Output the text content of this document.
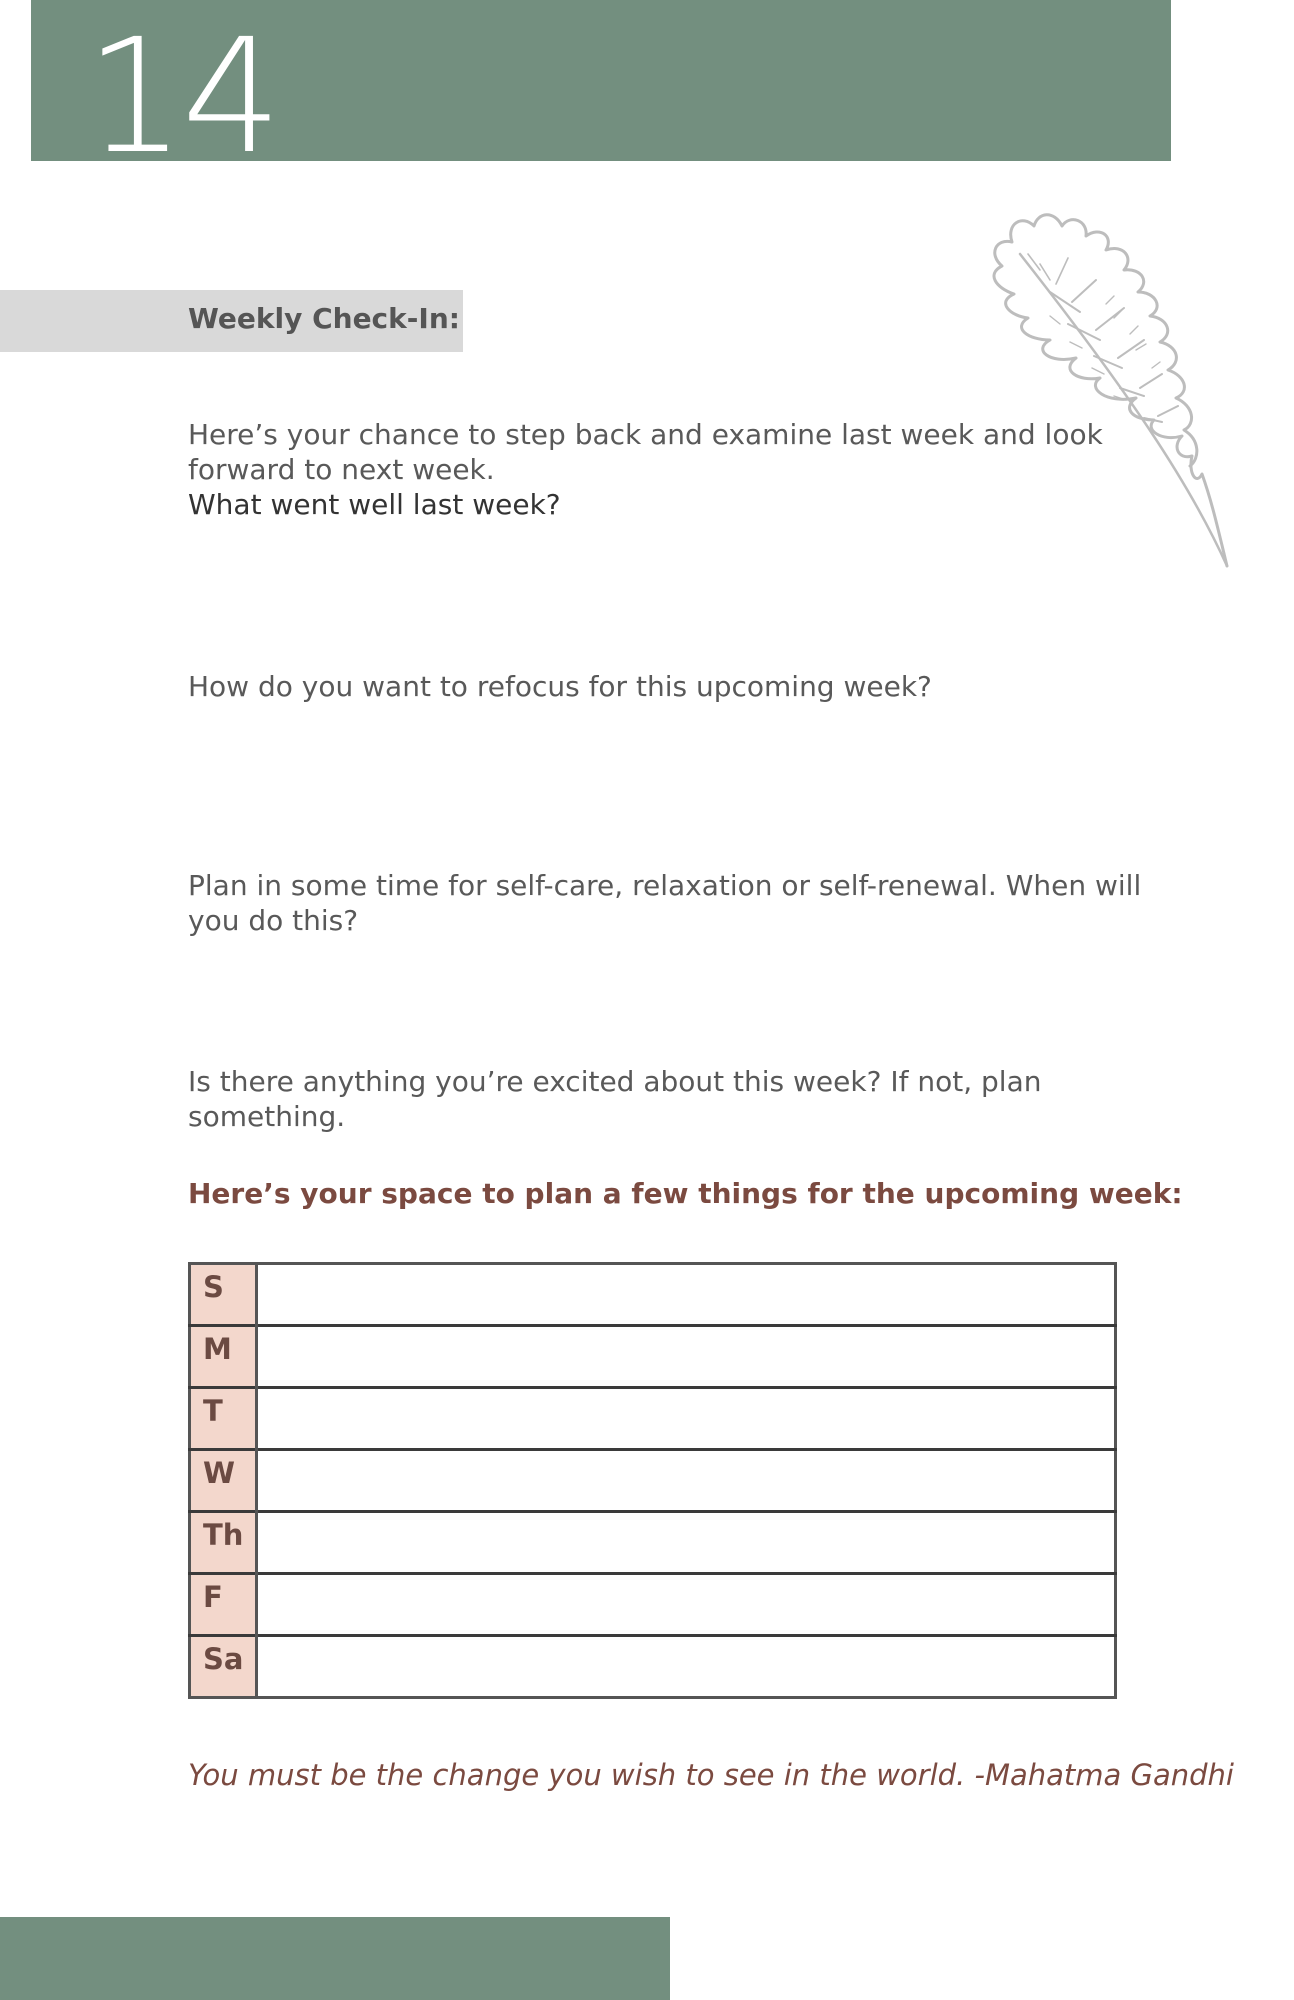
14
Weekly Check-In:
Here’s your chance to step back and examine last week and look
forward to next week.
What went well last week?
How do you want to refocus for this upcoming week?
Plan in some time for self-care, relaxation or self-renewal. When will
you do this?
Is there anything you’re excited about this week? If not, plan
something.
Here’s your space to plan a few things for the upcoming week:
S	
M	
T	
W	
Th	
F	
Sa	
You must be the change you wish to see in the world. -Mahatma Gandhi
